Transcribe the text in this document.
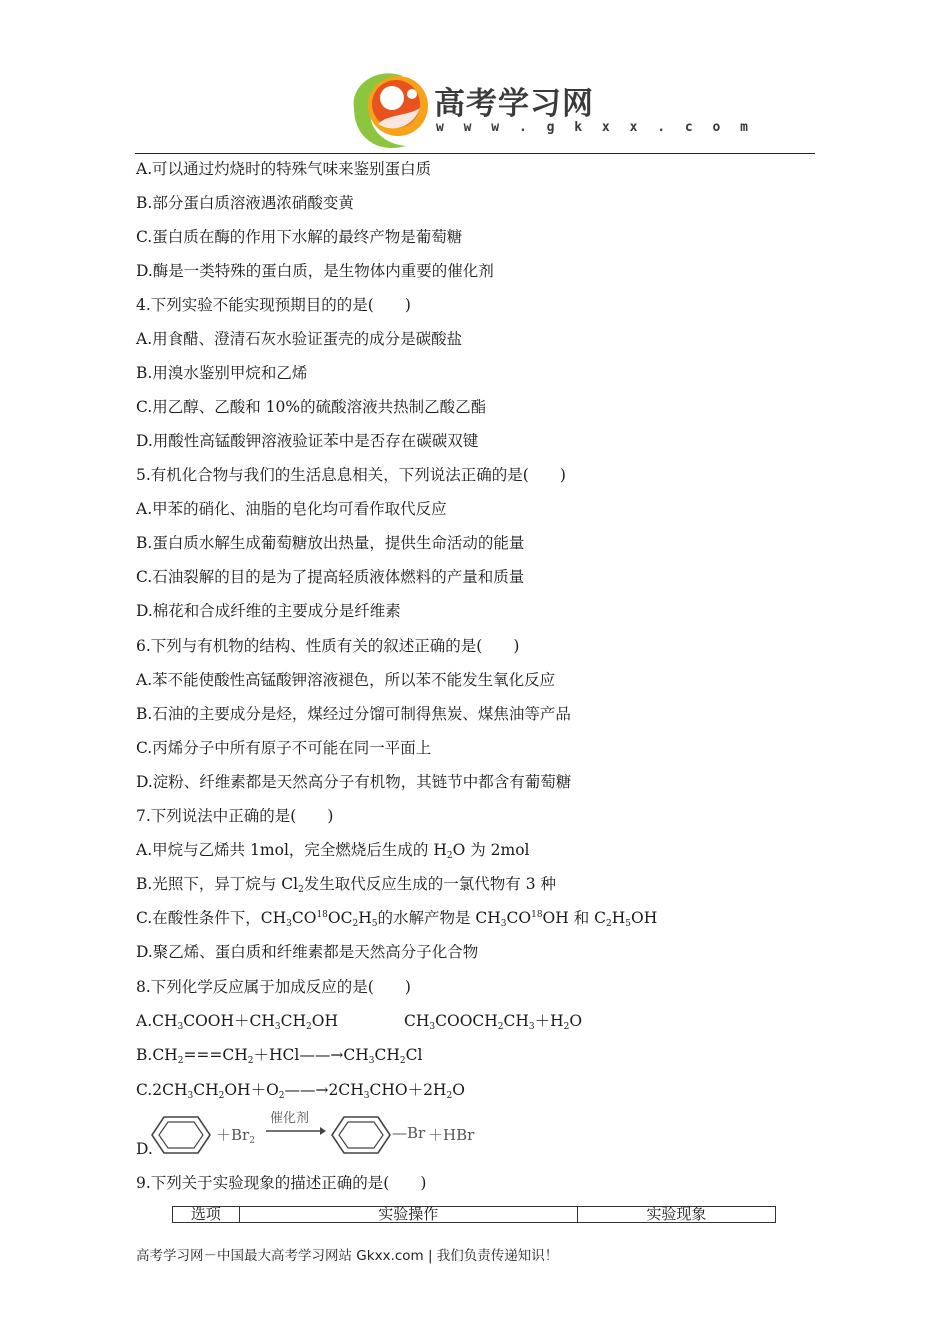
高考学习网
w w w . g k x x . c o m
A.可以通过灼烧时的特殊气味来鉴别蛋白质
B.部分蛋白质溶液遇浓硝酸变黄
C.蛋白质在酶的作用下水解的最终产物是葡萄糖
D.酶是一类特殊的蛋白质，是生物体内重要的催化剂
4.下列实验不能实现预期目的的是(　　)
A.用食醋、澄清石灰水验证蛋壳的成分是碳酸盐
B.用溴水鉴别甲烷和乙烯
C.用乙醇、乙酸和 10%的硫酸溶液共热制乙酸乙酯
D.用酸性高锰酸钾溶液验证苯中是否存在碳碳双键
5.有机化合物与我们的生活息息相关，下列说法正确的是(　　)
A.甲苯的硝化、油脂的皂化均可看作取代反应
B.蛋白质水解生成葡萄糖放出热量，提供生命活动的能量
C.石油裂解的目的是为了提高轻质液体燃料的产量和质量
D.棉花和合成纤维的主要成分是纤维素
6.下列与有机物的结构、性质有关的叙述正确的是(　　)
A.苯不能使酸性高锰酸钾溶液褪色，所以苯不能发生氧化反应
B.石油的主要成分是烃，煤经过分馏可制得焦炭、煤焦油等产品
C.丙烯分子中所有原子不可能在同一平面上
D.淀粉、纤维素都是天然高分子有机物，其链节中都含有葡萄糖
7.下列说法中正确的是(　　)
A.甲烷与乙烯共 1mol，完全燃烧后生成的 $H_2O$ 为 2mol
B.光照下，异丁烷与 $Cl_2$发生取代反应生成的一氯代物有 3 种
C.在酸性条件下，$CH_3CO^{18}OC_2H_5$的水解产物是 $CH_3CO^{18}OH$ 和 $C_2H_5OH$
D.聚乙烯、蛋白质和纤维素都是天然高分子化合物
8.下列化学反应属于加成反应的是(　　)
$A.CH_3COOH+CH_3CH_2OH$	$CH_3COOCH_2CH_3+H_2O$
$B.CH_2===CH_2+HCl——\to CH_3CH_2Cl$
$C.2CH_3CH_2OH+O_2——\to 2CH_3CHO+2H_2O$
D.
$+Br_2$
催化剂
—Br ＋HBr
9.下列关于实验现象的描述正确的是(　　)
选项	实验操作	实验现象
高考学习网－中国最大高考学习网站 Gkxx.com | 我们负责传递知识！
